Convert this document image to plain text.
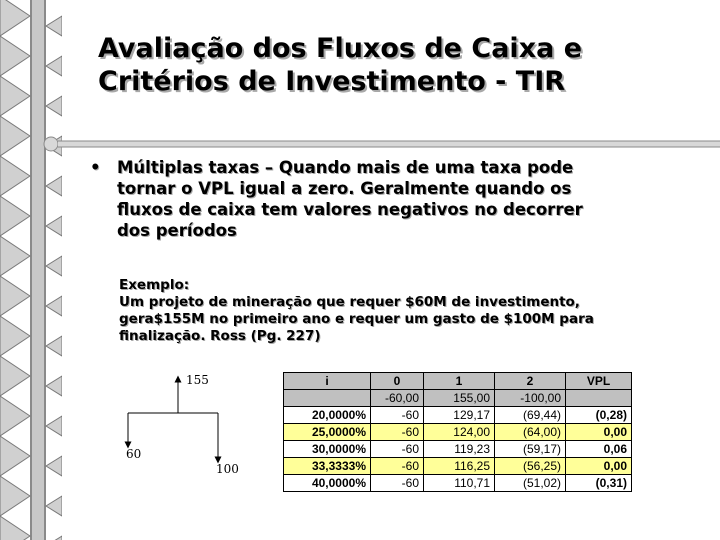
Avaliação dos Fluxos de Caixa e
Critérios de Investimento - TIR
• Múltiplas taxas – Quando mais de uma taxa pode
tornar o VPL igual a zero. Geralmente quando os
fluxos de caixa tem valores negativos no decorrer
dos períodos
Exemplo:
Um projeto de mineração que requer $60M de investimento,
gera$155M no primeiro ano e requer um gasto de $100M para
finalização. Ross (Pg. 227)
155
60
100
i	0	1	2	VPL
	-60,00	155,00	-100,00	
20,0000%	-60	129,17	(69,44)	(0,28)
25,0000%	-60	124,00	(64,00)	0,00
30,0000%	-60	119,23	(59,17)	0,06
33,3333%	-60	116,25	(56,25)	0,00
40,0000%	-60	110,71	(51,02)	(0,31)
